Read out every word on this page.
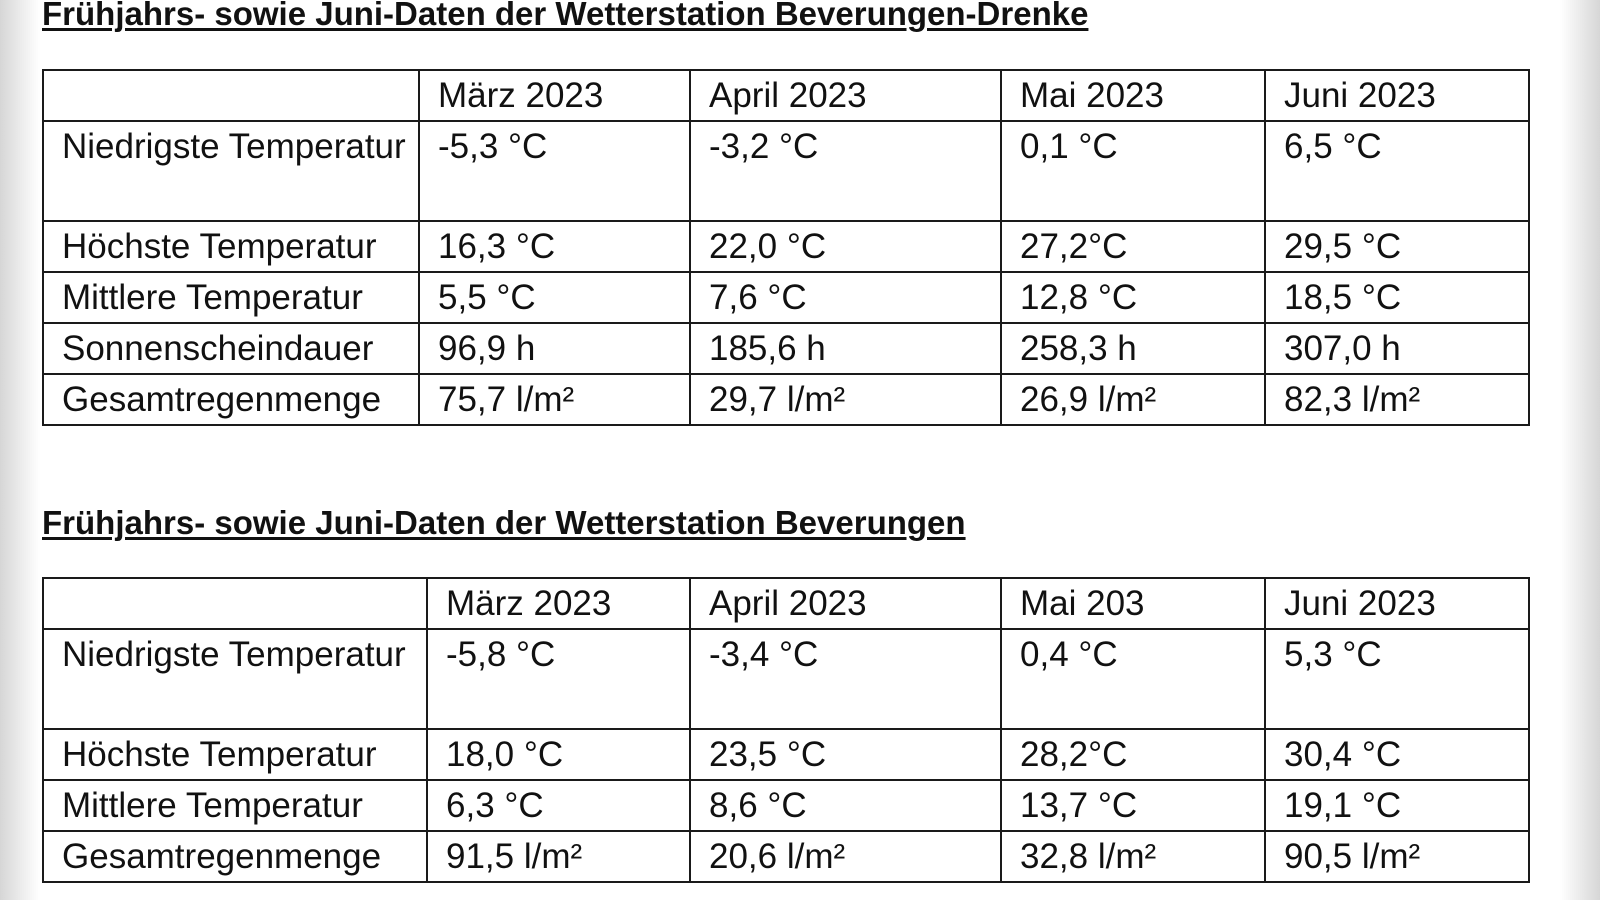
Frühjahrs- sowie Juni-Daten der Wetterstation Beverungen-Drenke
	März 2023	April 2023	Mai 2023	Juni 2023
Niedrigste Temperatur	-5,3 °C	-3,2 °C	0,1 °C	6,5 °C
Höchste Temperatur	16,3 °C	22,0 °C	27,2°C	29,5 °C
Mittlere Temperatur	5,5 °C	7,6 °C	12,8 °C	18,5 °C
Sonnenscheindauer	96,9 h	185,6 h	258,3 h	307,0 h
Gesamtregenmenge	75,7 l/m²	29,7 l/m²	26,9 l/m²	82,3 l/m²
Frühjahrs- sowie Juni-Daten der Wetterstation Beverungen
	März 2023	April 2023	Mai 203	Juni 2023
Niedrigste Temperatur	-5,8 °C	-3,4 °C	0,4 °C	5,3 °C
Höchste Temperatur	18,0 °C	23,5 °C	28,2°C	30,4 °C
Mittlere Temperatur	6,3 °C	8,6 °C	13,7 °C	19,1 °C
Gesamtregenmenge	91,5 l/m²	20,6 l/m²	32,8 l/m²	90,5 l/m²
